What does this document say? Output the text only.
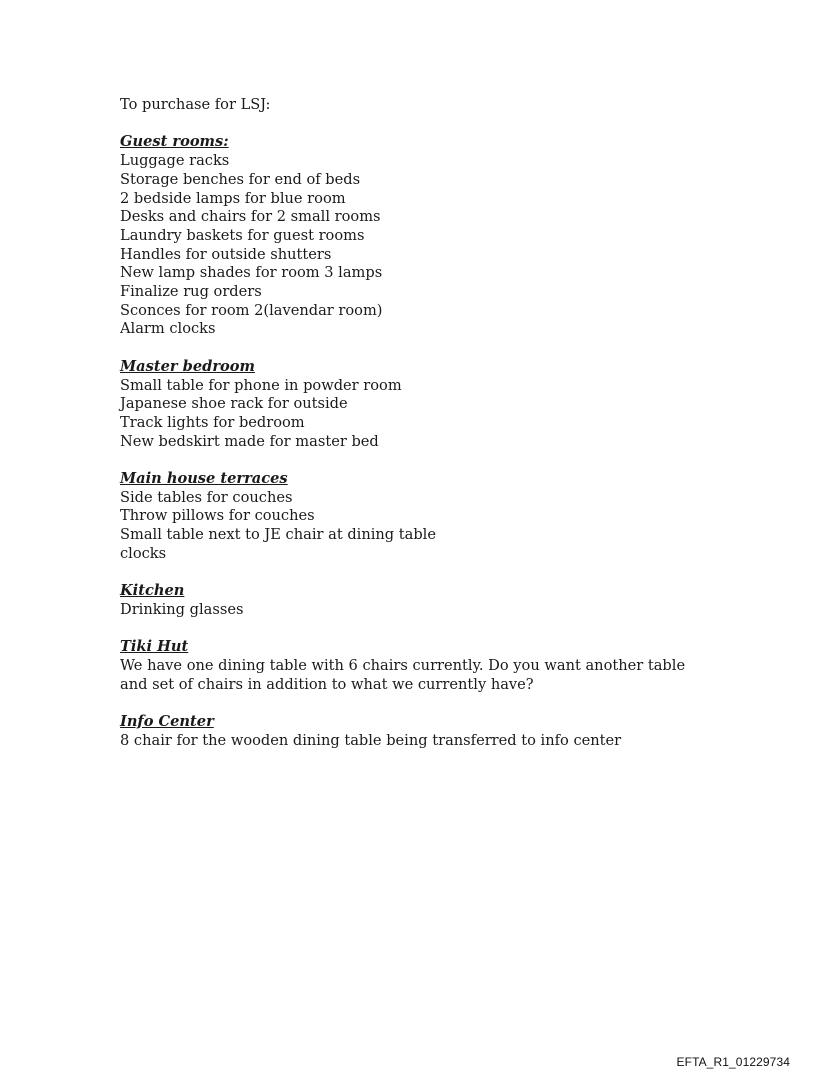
To purchase for LSJ:
Guest rooms:
Luggage racks
Storage benches for end of beds
2 bedside lamps for blue room
Desks and chairs for 2 small rooms
Laundry baskets for guest rooms
Handles for outside shutters
New lamp shades for room 3 lamps
Finalize rug orders
Sconces for room 2(lavendar room)
Alarm clocks
Master bedroom
Small table for phone in powder room
Japanese shoe rack for outside
Track lights for bedroom
New bedskirt made for master bed
Main house terraces
Side tables for couches
Throw pillows for couches
Small table next to JE chair at dining table
clocks
Kitchen
Drinking glasses
Tiki Hut
We have one dining table with 6 chairs currently. Do you want another table and set of chairs in addition to what we currently have?
Info Center
8 chair for the wooden dining table being transferred to info center
EFTA_R1_01229734
